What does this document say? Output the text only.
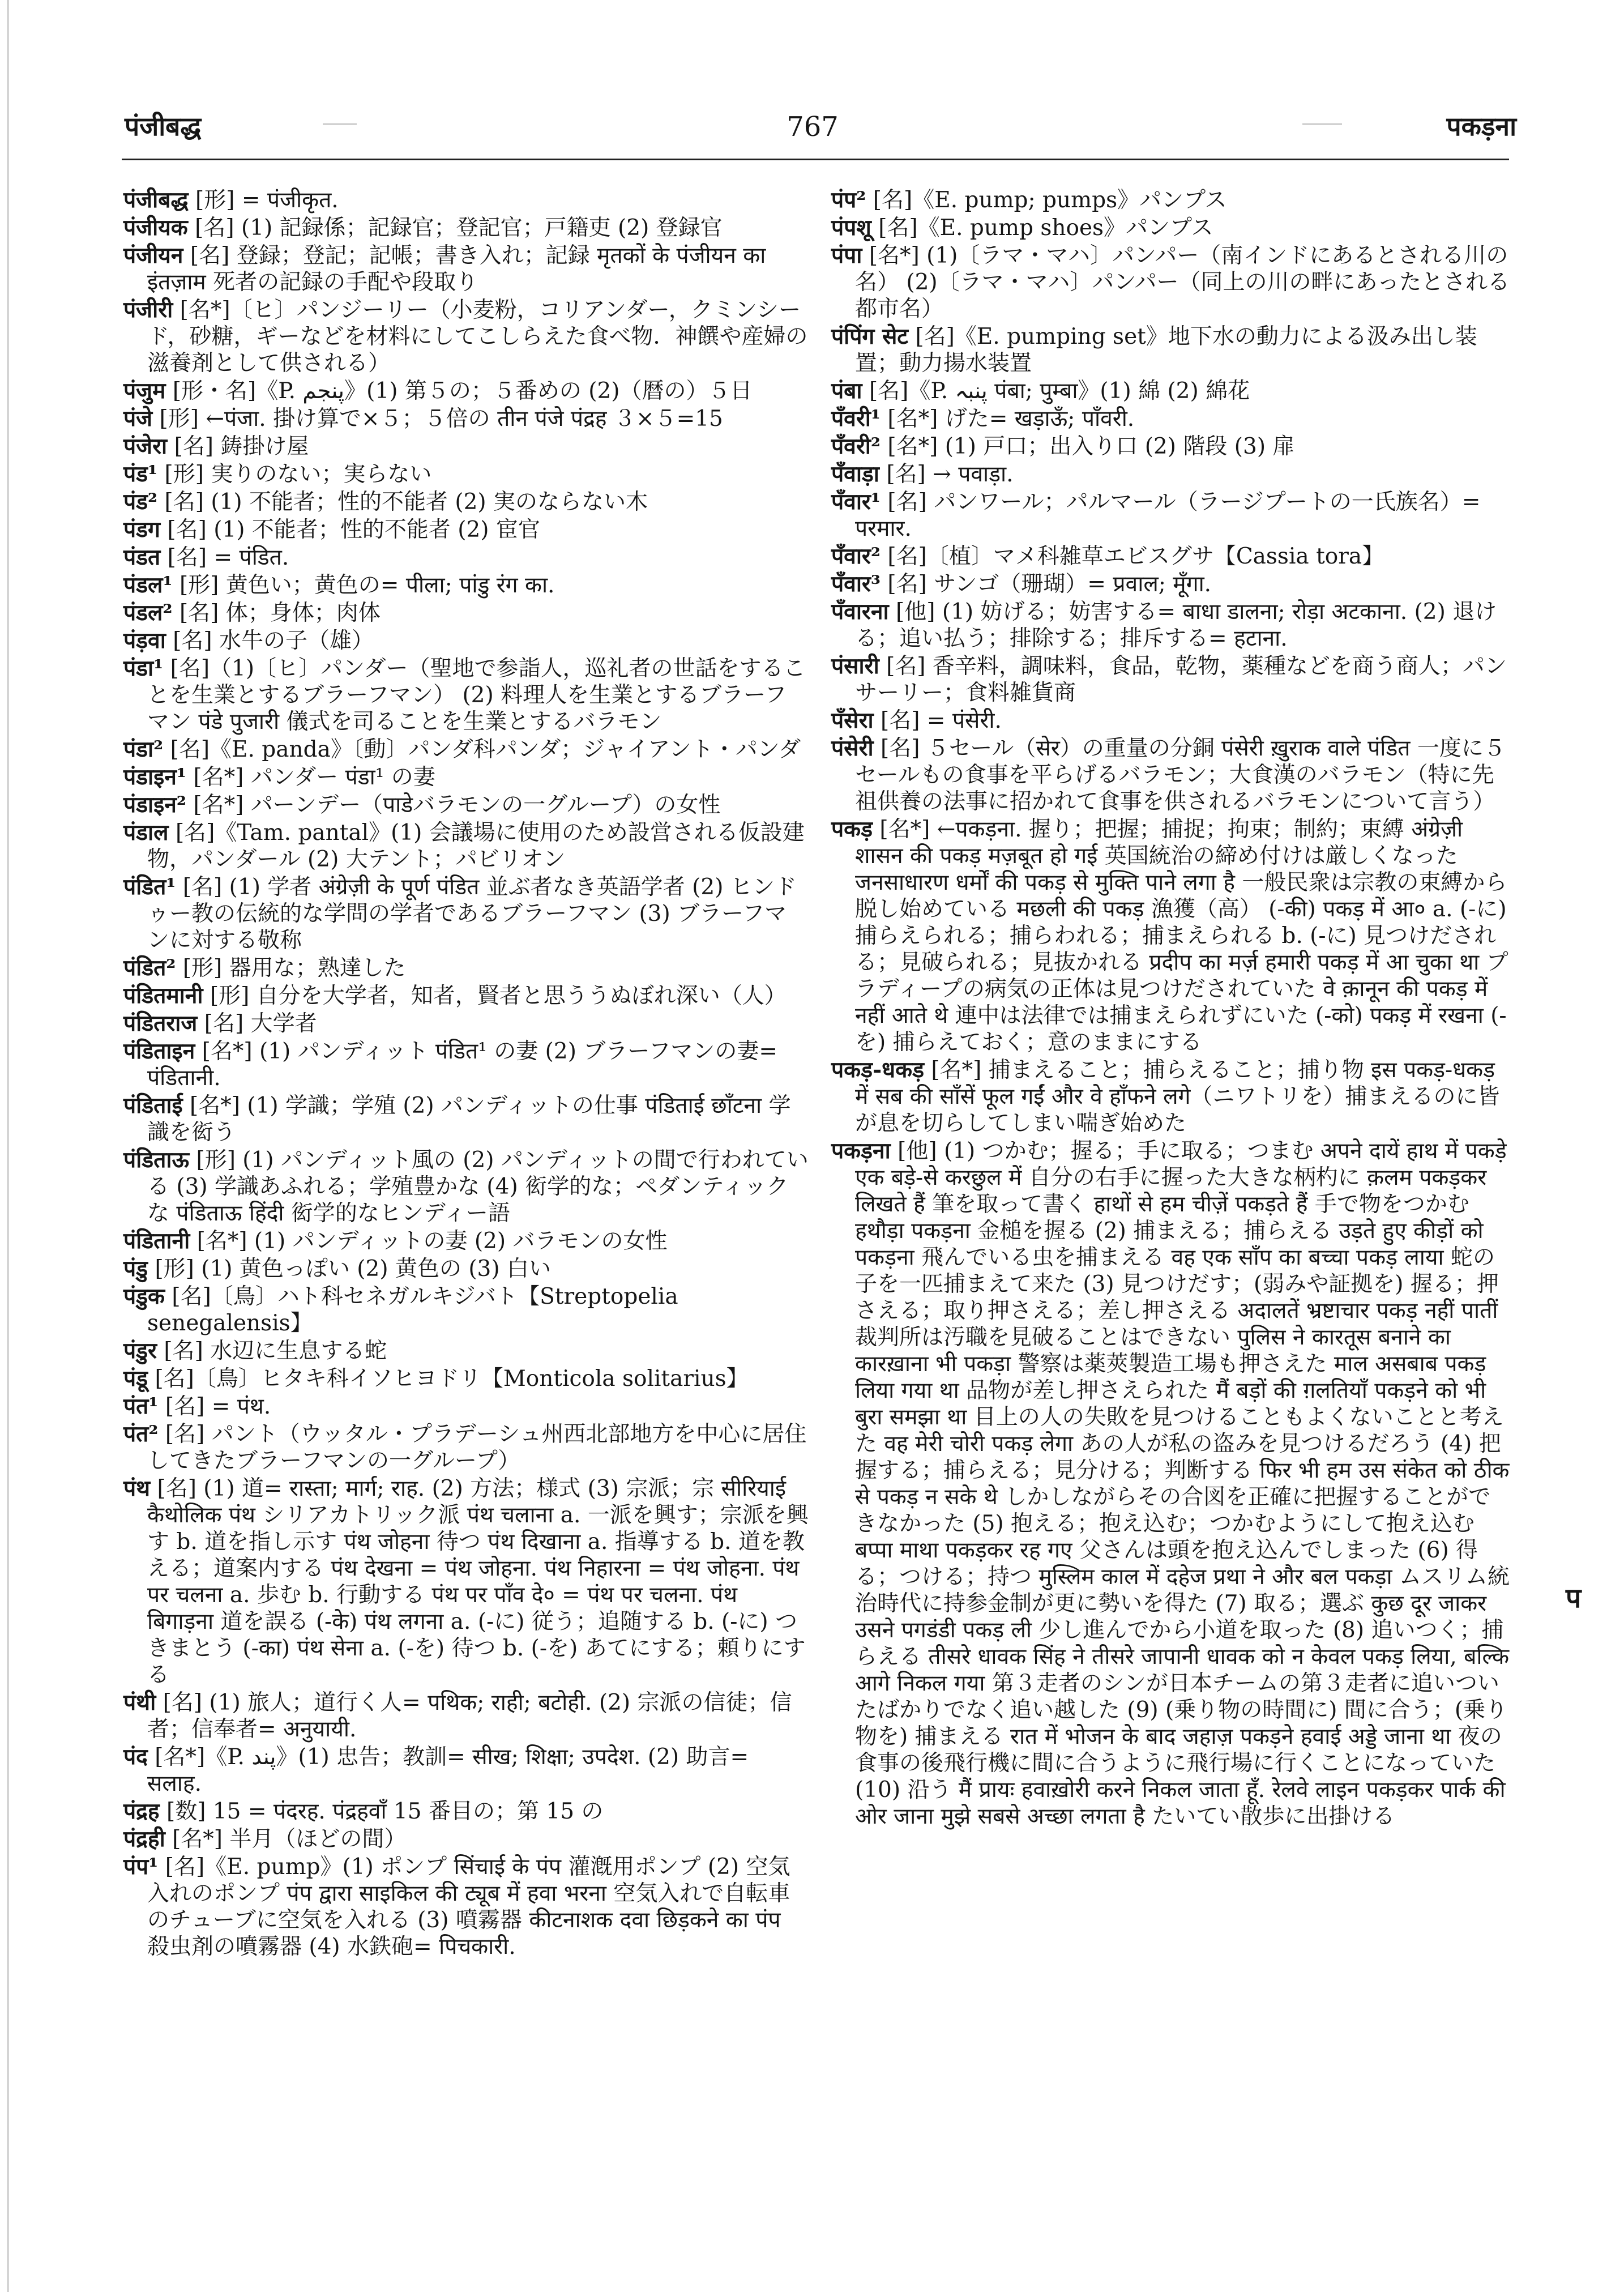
पंजीबद्ध	767	पकड़ना
पंजीबद्ध [形] = पंजीकृत.
पंजीयक [名] (1) 記録係；記録官；登記官；戸籍吏 (2) 登録官
पंजीयन [名] 登録；登記；記帳；書き入れ；記録 मृतकों के पंजीयन का इंतज़ाम 死者の記録の手配や段取り
पंजीरी [名*]〔ヒ〕パンジーリー（小麦粉，コリアンダー，クミンシード，砂糖，ギーなどを材料にしてこしらえた食べ物．神饌や産婦の滋養剤として供される）
पंजुम [形・名]《P. پنجم》(1) 第５の；５番めの (2)（暦の）５日
पंजे [形] ←पंजा. 掛け算で×５；５倍の तीन पंजे पंद्रह ３×５=15
पंजेरा [名] 鋳掛け屋
पंड¹ [形] 実りのない；実らない
पंड² [名] (1) 不能者；性的不能者 (2) 実のならない木
पंडग [名] (1) 不能者；性的不能者 (2) 宦官
पंडत [名] = पंडित.
पंडल¹ [形] 黄色い；黄色の= पीला; पांडु रंग का.
पंडल² [名] 体；身体；肉体
पंड़वा [名] 水牛の子（雄）
पंडा¹ [名]（1)〔ヒ〕パンダー（聖地で参詣人，巡礼者の世話をすることを生業とするブラーフマン） (2) 料理人を生業とするブラーフマン पंडे पुजारी 儀式を司ることを生業とするバラモン
पंडा² [名]《E. panda》〔動〕パンダ科パンダ；ジャイアント・パンダ
पंडाइन¹ [名*] パンダー पंडा¹ の妻
पंडाइन² [名*] パーンデー（पाडेバラモンの一グループ）の女性
पंडाल [名]《Tam. pantal》(1) 会議場に使用のため設営される仮設建物，パンダール (2) 大テント；パビリオン
पंडित¹ [名] (1) 学者 अंग्रेज़ी के पूर्ण पंडित 並ぶ者なき英語学者 (2) ヒンドゥー教の伝統的な学問の学者であるブラーフマン (3) ブラーフマンに対する敬称
पंडित² [形] 器用な；熟達した
पंडितमानी [形] 自分を大学者，知者，賢者と思ううぬぼれ深い（人）
पंडितराज [名] 大学者
पंडिताइन [名*] (1) パンディット पंडित¹ の妻 (2) ブラーフマンの妻= पंडितानी.
पंडिताई [名*] (1) 学識；学殖 (2) パンディットの仕事 पंडिताई छाँटना 学識を衒う
पंडिताऊ [形] (1) パンディット風の (2) パンディットの間で行われている (3) 学識あふれる；学殖豊かな (4) 衒学的な；ペダンティックな पंडिताऊ हिंदी 衒学的なヒンディー語
पंडितानी [名*] (1) パンディットの妻 (2) バラモンの女性
पंडु [形] (1) 黄色っぽい (2) 黄色の (3) 白い
पंडुक [名]〔鳥〕ハト科セネガルキジバト【Streptopelia senegalensis】
पंडुर [名] 水辺に生息する蛇
पंडू [名]〔鳥〕ヒタキ科イソヒヨドリ【Monticola solitarius】
पंत¹ [名] = पंथ.
पंत² [名] パント（ウッタル・プラデーシュ州西北部地方を中心に居住してきたブラーフマンの一グループ）
पंथ [名] (1) 道= रास्ता; मार्ग; राह. (2) 方法；様式 (3) 宗派；宗 सीरियाई कैथोलिक पंथ シリアカトリック派 पंथ चलाना a. 一派を興す；宗派を興す b. 道を指し示す पंथ जोहना 待つ पंथ दिखाना a. 指導する b. 道を教える；道案内する पंथ देखना = पंथ जोहना. पंथ निहारना = पंथ जोहना. पंथ पर चलना a. 歩む b. 行動する पंथ पर पाँव दे० = पंथ पर चलना. पंथ बिगाड़ना 道を誤る (-के) पंथ लगना a. (-に) 従う；追随する b. (-に) つきまとう (-का) पंथ सेना a. (-を) 待つ b. (-を) あてにする；頼りにする
पंथी [名] (1) 旅人；道行く人= पथिक; राही; बटोही. (2) 宗派の信徒；信者；信奉者= अनुयायी.
पंद [名*]《P. پند》(1) 忠告；教訓= सीख; शिक्षा; उपदेश. (2) 助言= सलाह.
पंद्रह [数] 15 = पंदरह. पंद्रहवाँ 15 番目の；第 15 の
पंद्रही [名*] 半月（ほどの間）
पंप¹ [名]《E. pump》(1) ポンプ सिंचाई के पंप 灌漑用ポンプ (2) 空気入れのポンプ पंप द्वारा साइकिल की ट्यूब में हवा भरना 空気入れで自転車のチューブに空気を入れる (3) 噴霧器 कीटनाशक दवा छिड़कने का पंप 殺虫剤の噴霧器 (4) 水鉄砲= पिचकारी.
पंप² [名]《E. pump; pumps》パンプス
पंपशू [名]《E. pump shoes》パンプス
पंपा [名*] (1)〔ラマ・マハ〕パンパー（南インドにあるとされる川の名） (2)〔ラマ・マハ〕パンパー（同上の川の畔にあったとされる都市名）
पंपिंग सेट [名]《E. pumping set》地下水の動力による汲み出し装置；動力揚水装置
पंबा [名]《P. پنبہ पंबा; पुम्बा》(1) 綿 (2) 綿花
पँवरी¹ [名*] げた= खड़ाऊँ; पाँवरी.
पँवरी² [名*] (1) 戸口；出入り口 (2) 階段 (3) 扉
पँवाड़ा [名] → पवाड़ा.
पँवार¹ [名] パンワール；パルマール（ラージプートの一氏族名）= परमार.
पँवार² [名]〔植〕マメ科雑草エビスグサ【Cassia tora】
पँवार³ [名] サンゴ（珊瑚）= प्रवाल; मूँगा.
पँवारना [他] (1) 妨げる；妨害する= बाधा डालना; रोड़ा अटकाना. (2) 退ける；追い払う；排除する；排斥する= हटाना.
पंसारी [名] 香辛料，調味料，食品，乾物，薬種などを商う商人；パンサーリー；食料雑貨商
पँसेरा [名] = पंसेरी.
पंसेरी [名] ５セール（सेर）の重量の分銅 पंसेरी ख़ुराक वाले पंडित 一度に５セールもの食事を平らげるバラモン；大食漢のバラモン（特に先祖供養の法事に招かれて食事を供されるバラモンについて言う）
पकड़ [名*] ←पकड़ना. 握り；把握；捕捉；拘束；制約；束縛 अंग्रेज़ी शासन की पकड़ मज़बूत हो गई 英国統治の締め付けは厳しくなった जनसाधारण धर्मों की पकड़ से मुक्ति पाने लगा है 一般民衆は宗教の束縛から脱し始めている मछली की पकड़ 漁獲（高） (-की) पकड़ में आ० a. (-に) 捕らえられる；捕らわれる；捕まえられる b. (-に) 見つけだされる；見破られる；見抜かれる प्रदीप का मर्ज़ हमारी पकड़ में आ चुका था プラディープの病気の正体は見つけだされていた वे क़ानून की पकड़ में नहीं आते थे 連中は法律では捕まえられずにいた (-को) पकड़ में रखना (-を) 捕らえておく；意のままにする
पकड़-धकड़ [名*] 捕まえること；捕らえること；捕り物 इस पकड़-धकड़ में सब की साँसें फूल गईं और वे हाँफने लगे（ニワトリを）捕まえるのに皆が息を切らしてしまい喘ぎ始めた
पकड़ना [他] (1) つかむ；握る；手に取る；つまむ अपने दायें हाथ में पकड़े एक बड़े-से करछुल में 自分の右手に握った大きな柄杓に क़लम पकड़कर लिखते हैं 筆を取って書く हाथों से हम चीज़ें पकड़ते हैं 手で物をつかむ हथौड़ा पकड़ना 金槌を握る (2) 捕まえる；捕らえる उड़ते हुए कीड़ों को पकड़ना 飛んでいる虫を捕まえる वह एक साँप का बच्चा पकड़ लाया 蛇の子を一匹捕まえて来た (3) 見つけだす；(弱みや証拠を) 握る；押さえる；取り押さえる；差し押さえる अदालतें भ्रष्टाचार पकड़ नहीं पातीं 裁判所は汚職を見破ることはできない पुलिस ने कारतूस बनाने का कारख़ाना भी पकड़ा 警察は薬莢製造工場も押さえた माल असबाब पकड़ लिया गया था 品物が差し押さえられた मैं बड़ों की ग़लतियाँ पकड़ने को भी बुरा समझा था 目上の人の失敗を見つけることもよくないことと考えた वह मेरी चोरी पकड़ लेगा あの人が私の盗みを見つけるだろう (4) 把握する；捕らえる；見分ける；判断する फिर भी हम उस संकेत को ठीक से पकड़ न सके थे しかしながらその合図を正確に把握することができなかった (5) 抱える；抱え込む；つかむようにして抱え込む बप्पा माथा पकड़कर रह गए 父さんは頭を抱え込んでしまった (6) 得る；つける；持つ मुस्लिम काल में दहेज प्रथा ने और बल पकड़ा ムスリム統治時代に持参金制が更に勢いを得た (7) 取る；選ぶ कुछ दूर जाकर उसने पगडंडी पकड़ ली 少し進んでから小道を取った (8) 追いつく；捕らえる तीसरे धावक सिंह ने तीसरे जापानी धावक को न केवल पकड़ लिया, बल्कि आगे निकल गया 第３走者のシンが日本チームの第３走者に追いついたばかりでなく追い越した (9) (乗り物の時間に) 間に合う；(乗り物を) 捕まえる रात में भोजन के बाद जहाज़ पकड़ने हवाई अड्डे जाना था 夜の食事の後飛行機に間に合うように飛行場に行くことになっていた (10) 沿う मैं प्रायः हवाख़ोरी करने निकल जाता हूँ. रेलवे लाइन पकड़कर पार्क की ओर जाना मुझे सबसे अच्छा लगता है たいてい散歩に出掛ける
प
